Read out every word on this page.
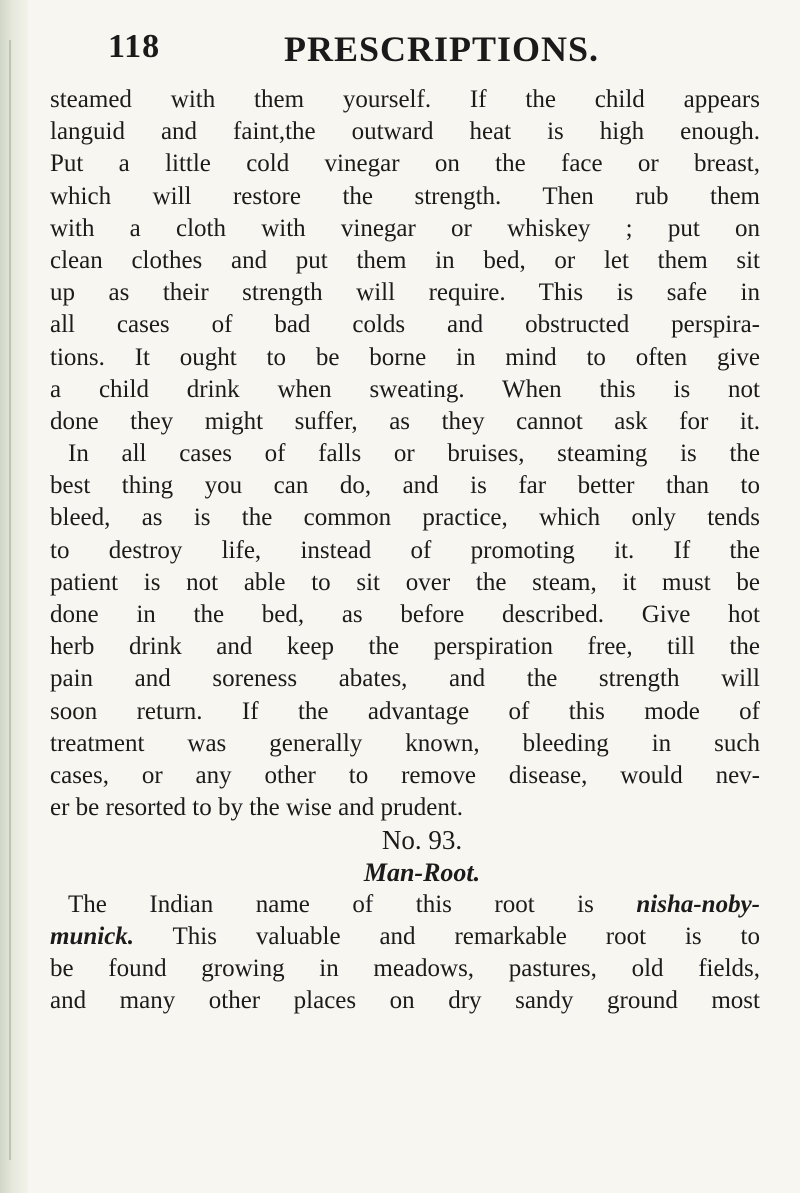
118	PRESCRIPTIONS.
steamed with them yourself. If the child appears
languid and faint,the outward heat is high enough.
Put a little cold vinegar on the face or breast,
which will restore the strength. Then rub them
with a cloth with vinegar or whiskey ; put on
clean clothes and put them in bed, or let them sit
up as their strength will require. This is safe in
all cases of bad colds and obstructed perspira-
tions. It ought to be borne in mind to often give
a child drink when sweating. When this is not
done they might suffer, as they cannot ask for it.
In all cases of falls or bruises, steaming is the
best thing you can do, and is far better than to
bleed, as is the common practice, which only tends
to destroy life, instead of promoting it. If the
patient is not able to sit over the steam, it must be
done in the bed, as before described. Give hot
herb drink and keep the perspiration free, till the
pain and soreness abates, and the strength will
soon return. If the advantage of this mode of
treatment was generally known, bleeding in such
cases, or any other to remove disease, would nev-
er be resorted to by the wise and prudent.
No. 93.
Man-Root.
The Indian name of this root is nisha-noby-
munick. This valuable and remarkable root is to
be found growing in meadows, pastures, old fields,
and many other places on dry sandy ground most
